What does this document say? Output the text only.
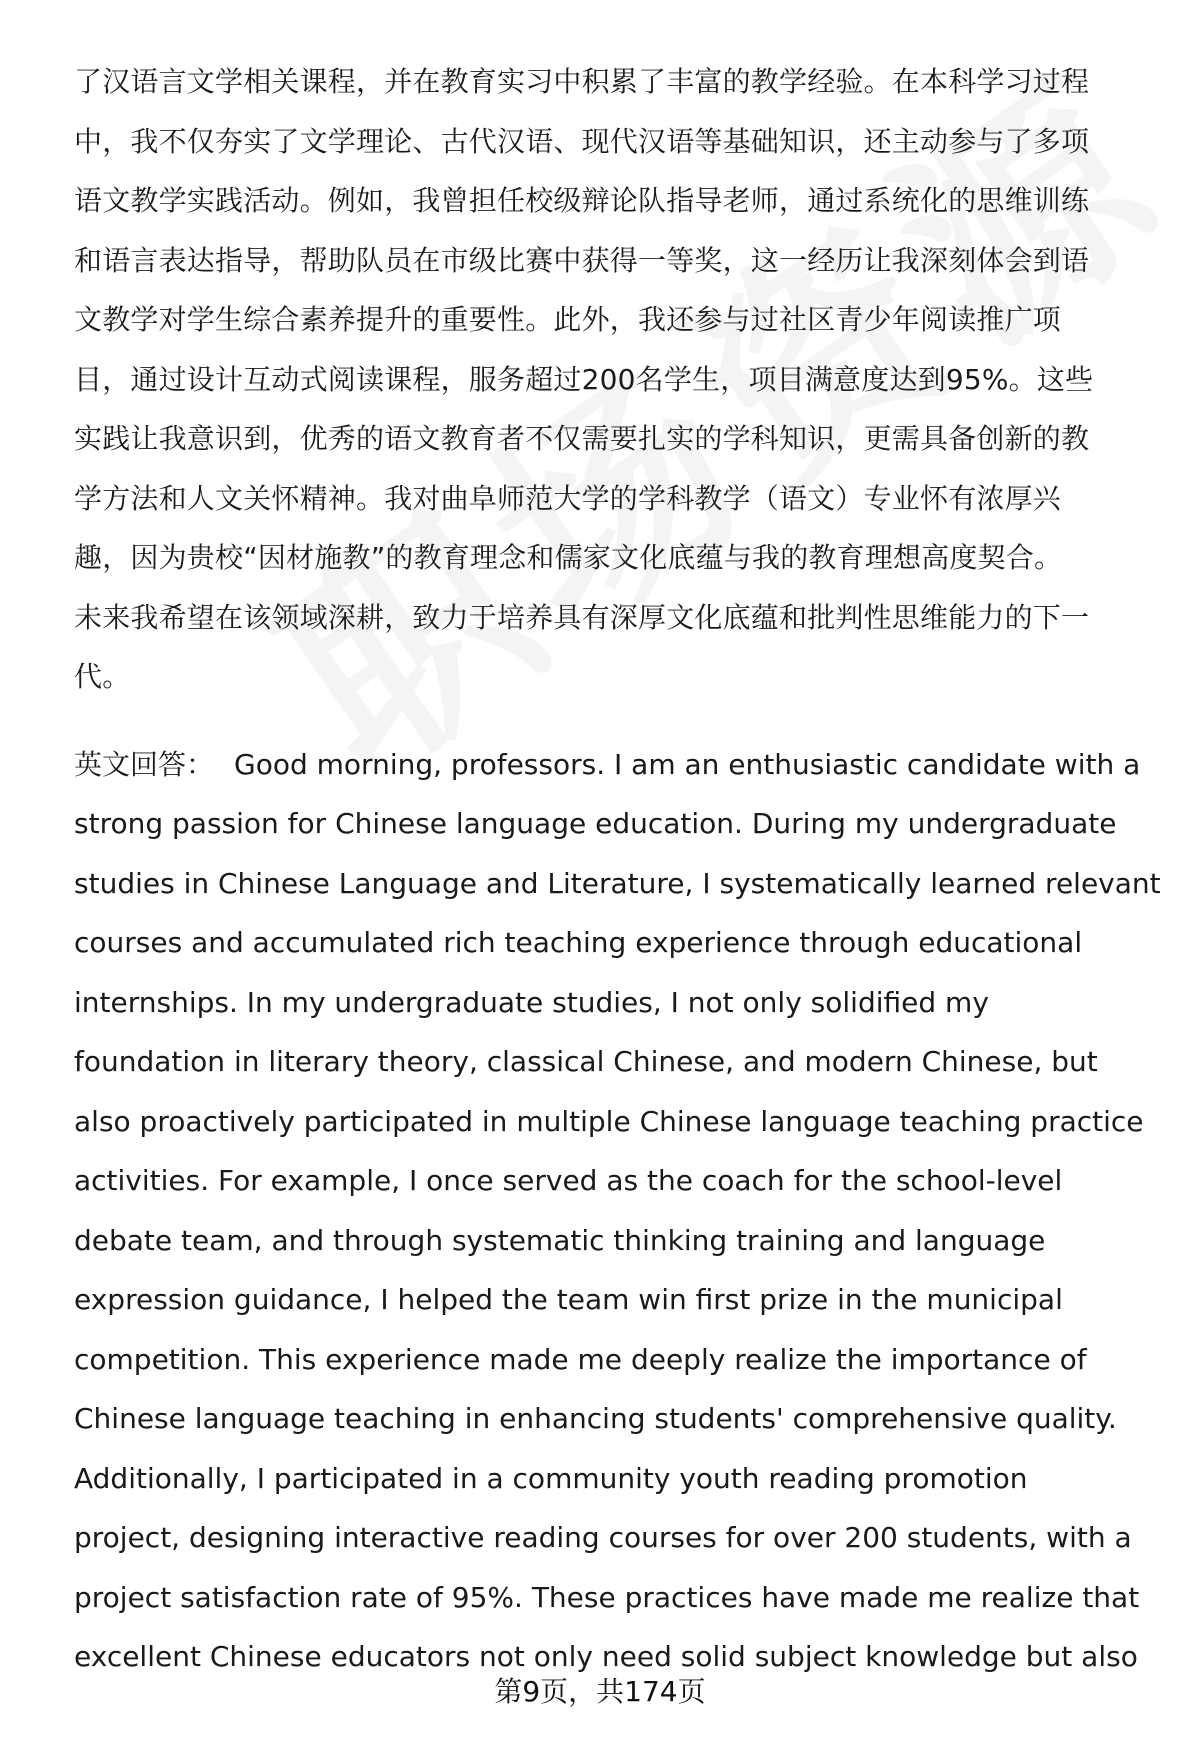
了汉语言文学相关课程，并在教育实习中积累了丰富的教学经验。在本科学习过程
中，我不仅夯实了文学理论、古代汉语、现代汉语等基础知识，还主动参与了多项
语文教学实践活动。例如，我曾担任校级辩论队指导老师，通过系统化的思维训练
和语言表达指导，帮助队员在市级比赛中获得一等奖，这一经历让我深刻体会到语
文教学对学生综合素养提升的重要性。此外，我还参与过社区青少年阅读推广项
目，通过设计互动式阅读课程，服务超过200名学生，项目满意度达到95%。这些
实践让我意识到，优秀的语文教育者不仅需要扎实的学科知识，更需具备创新的教
学方法和人文关怀精神。我对曲阜师范大学的学科教学（语文）专业怀有浓厚兴
趣，因为贵校“因材施教”的教育理念和儒家文化底蕴与我的教育理想高度契合。
未来我希望在该领域深耕，致力于培养具有深厚文化底蕴和批判性思维能力的下一
代。
英文回答： Good morning, professors. I am an enthusiastic candidate with a
strong passion for Chinese language education. During my undergraduate
studies in Chinese Language and Literature, I systematically learned relevant
courses and accumulated rich teaching experience through educational
internships. In my undergraduate studies, I not only solidified my
foundation in literary theory, classical Chinese, and modern Chinese, but
also proactively participated in multiple Chinese language teaching practice
activities. For example, I once served as the coach for the school-level
debate team, and through systematic thinking training and language
expression guidance, I helped the team win first prize in the municipal
competition. This experience made me deeply realize the importance of
Chinese language teaching in enhancing students' comprehensive quality.
Additionally, I participated in a community youth reading promotion
project, designing interactive reading courses for over 200 students, with a
project satisfaction rate of 95%. These practices have made me realize that
excellent Chinese educators not only need solid subject knowledge but also
第9页，共174页
